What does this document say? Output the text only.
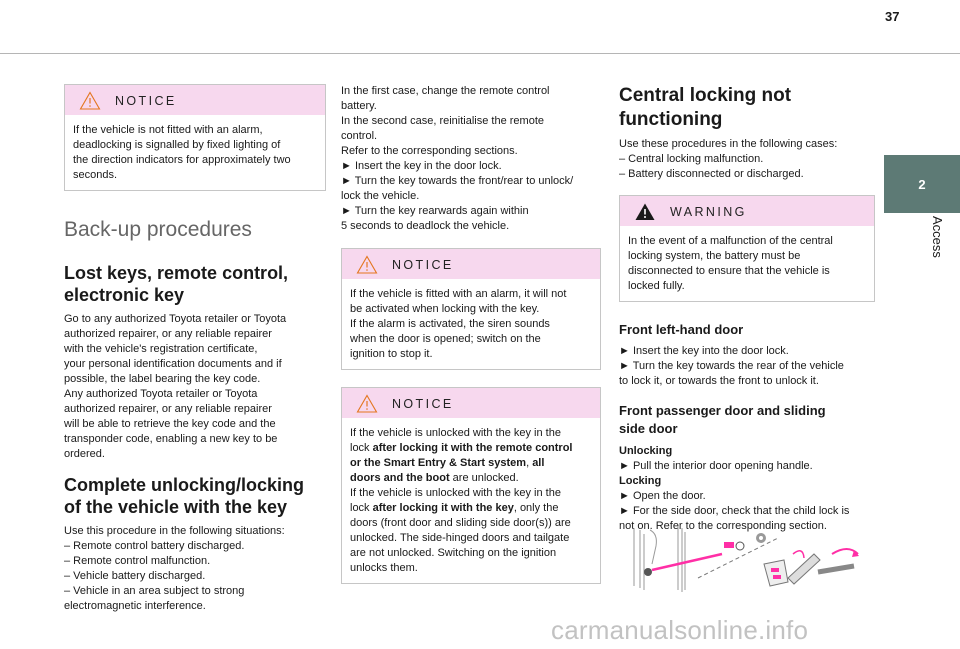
37
2
Access
NOTICE

If the vehicle is not fitted with an alarm,

deadlocking is signalled by fixed lighting of

the direction indicators for approximately two

seconds.

Back-up procedures
Lost keys, remote control,
electronic key

Go to any authorized Toyota retailer or Toyota

authorized repairer, or any reliable repairer

with the vehicle's registration certificate,

your personal identification documents and if

possible, the label bearing the key code.

Any authorized Toyota retailer or Toyota

authorized repairer, or any reliable repairer

will be able to retrieve the key code and the

transponder code, enabling a new key to be

ordered.

Complete unlocking/locking
of the vehicle with the key

Use this procedure in the following situations:

– Remote control battery discharged.

– Remote control malfunction.

– Vehicle battery discharged.

– Vehicle in an area subject to strong

electromagnetic interference.

In the first case, change the remote control

battery.

In the second case, reinitialise the remote

control.

Refer to the corresponding sections.

► Insert the key in the door lock.

► Turn the key towards the front/rear to unlock/

lock the vehicle.

► Turn the key rearwards again within

5 seconds to deadlock the vehicle.

NOTICE

If the vehicle is fitted with an alarm, it will not

be activated when locking with the key.

If the alarm is activated, the siren sounds

when the door is opened; switch on the

ignition to stop it.

NOTICE

If the vehicle is unlocked with the key in the

lock after locking it with the remote control

or the Smart Entry & Start system, all

doors and the boot are unlocked.

If the vehicle is unlocked with the key in the

lock after locking it with the key, only the

doors (front door and sliding side door(s)) are

unlocked. The side-hinged doors and tailgate

are not unlocked. Switching on the ignition

unlocks them.

Central locking not
functioning

Use these procedures in the following cases:

– Central locking malfunction.

– Battery disconnected or discharged.

WARNING

In the event of a malfunction of the central

locking system, the battery must be

disconnected to ensure that the vehicle is

locked fully.

Front left-hand door

► Insert the key into the door lock.

► Turn the key towards the rear of the vehicle

to lock it, or towards the front to unlock it.

Front passenger door and sliding
side door

Unlocking

► Pull the interior door opening handle.

Locking

► Open the door.

► For the side door, check that the child lock is

not on. Refer to the corresponding section.

carmanualsonline.info
